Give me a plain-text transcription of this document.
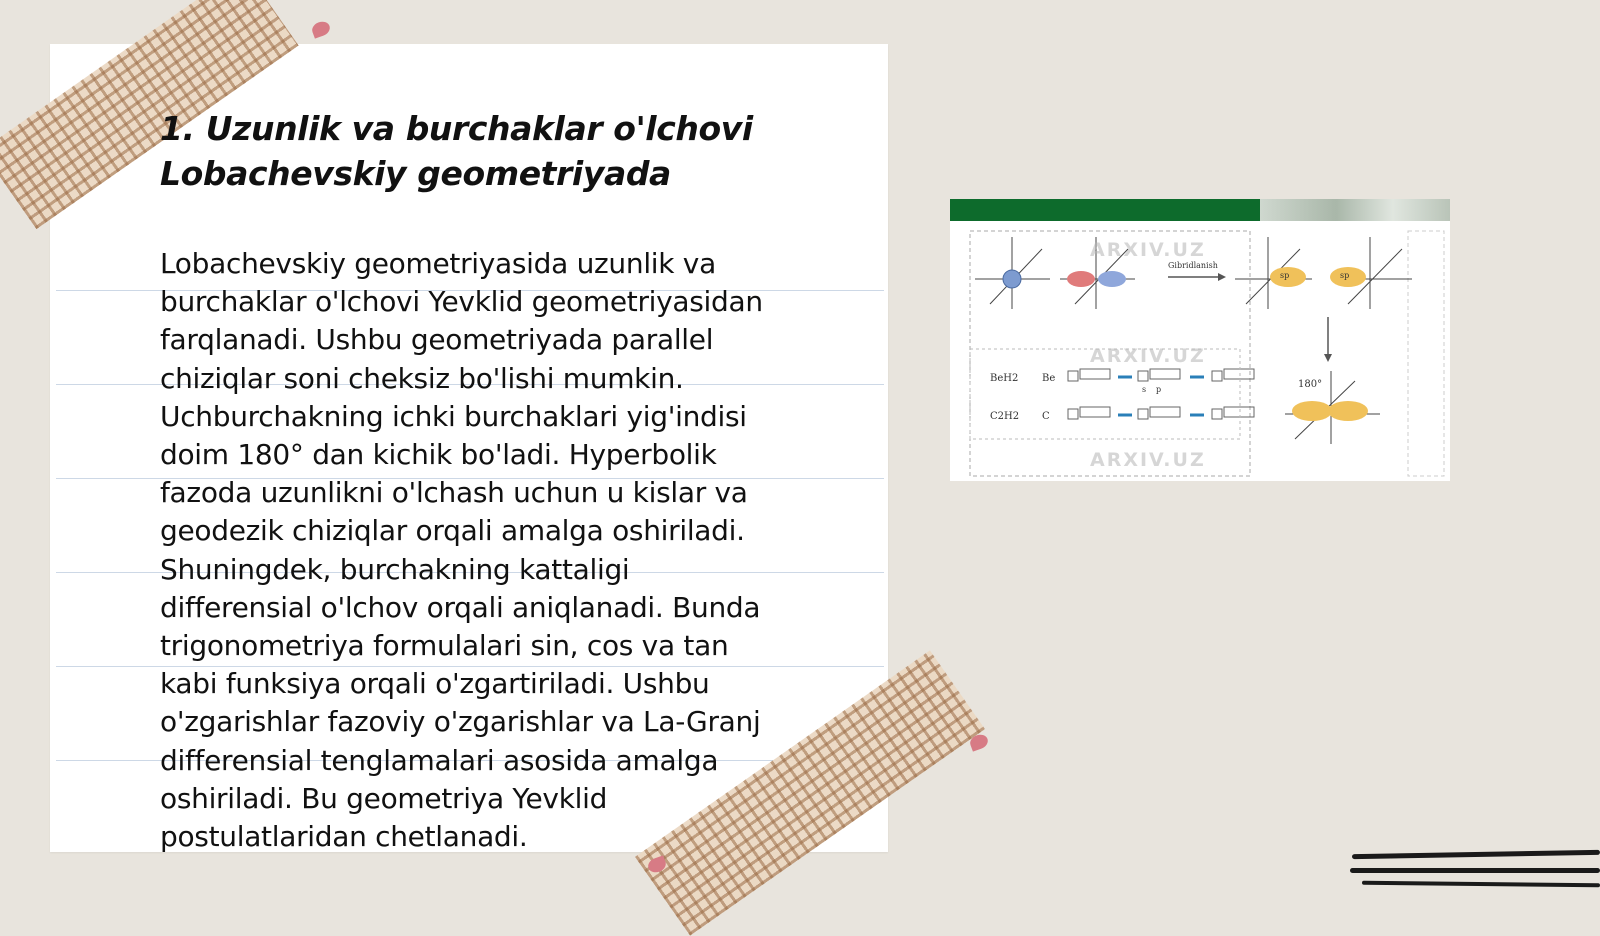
1. Uzunlik va burchaklar o'lchovi
Lobachevskiy geometriyada
Lobachevskiy geometriyasida uzunlik va
burchaklar o'lchovi Yevklid geometriyasidan
farqlanadi. Ushbu geometriyada parallel
chiziqlar soni cheksiz bo'lishi mumkin.
Uchburchakning ichki burchaklari yig'indisi
doim 180° dan kichik bo'ladi. Hyperbolik
fazoda uzunlikni o'lchash uchun u kislar va
geodezik chiziqlar orqali amalga oshiriladi.
Shuningdek, burchakning kattaligi
differensial o'lchov orqali aniqlanadi. Bunda
trigonometriya formulalari sin, cos va tan
kabi funksiya orqali o'zgartiriladi. Ushbu
o'zgarishlar fazoviy o'zgarishlar va La-Granj
differensial tenglamalari asosida amalga
oshiriladi. Bu geometriya Yevklid
postulatlaridan chetlanadi.
ARXIV.UZ
ARXIV.UZ
ARXIV.UZ
BeH2 Be
C2H2 C
180°
Gibridlanish
sp	sp
s p
